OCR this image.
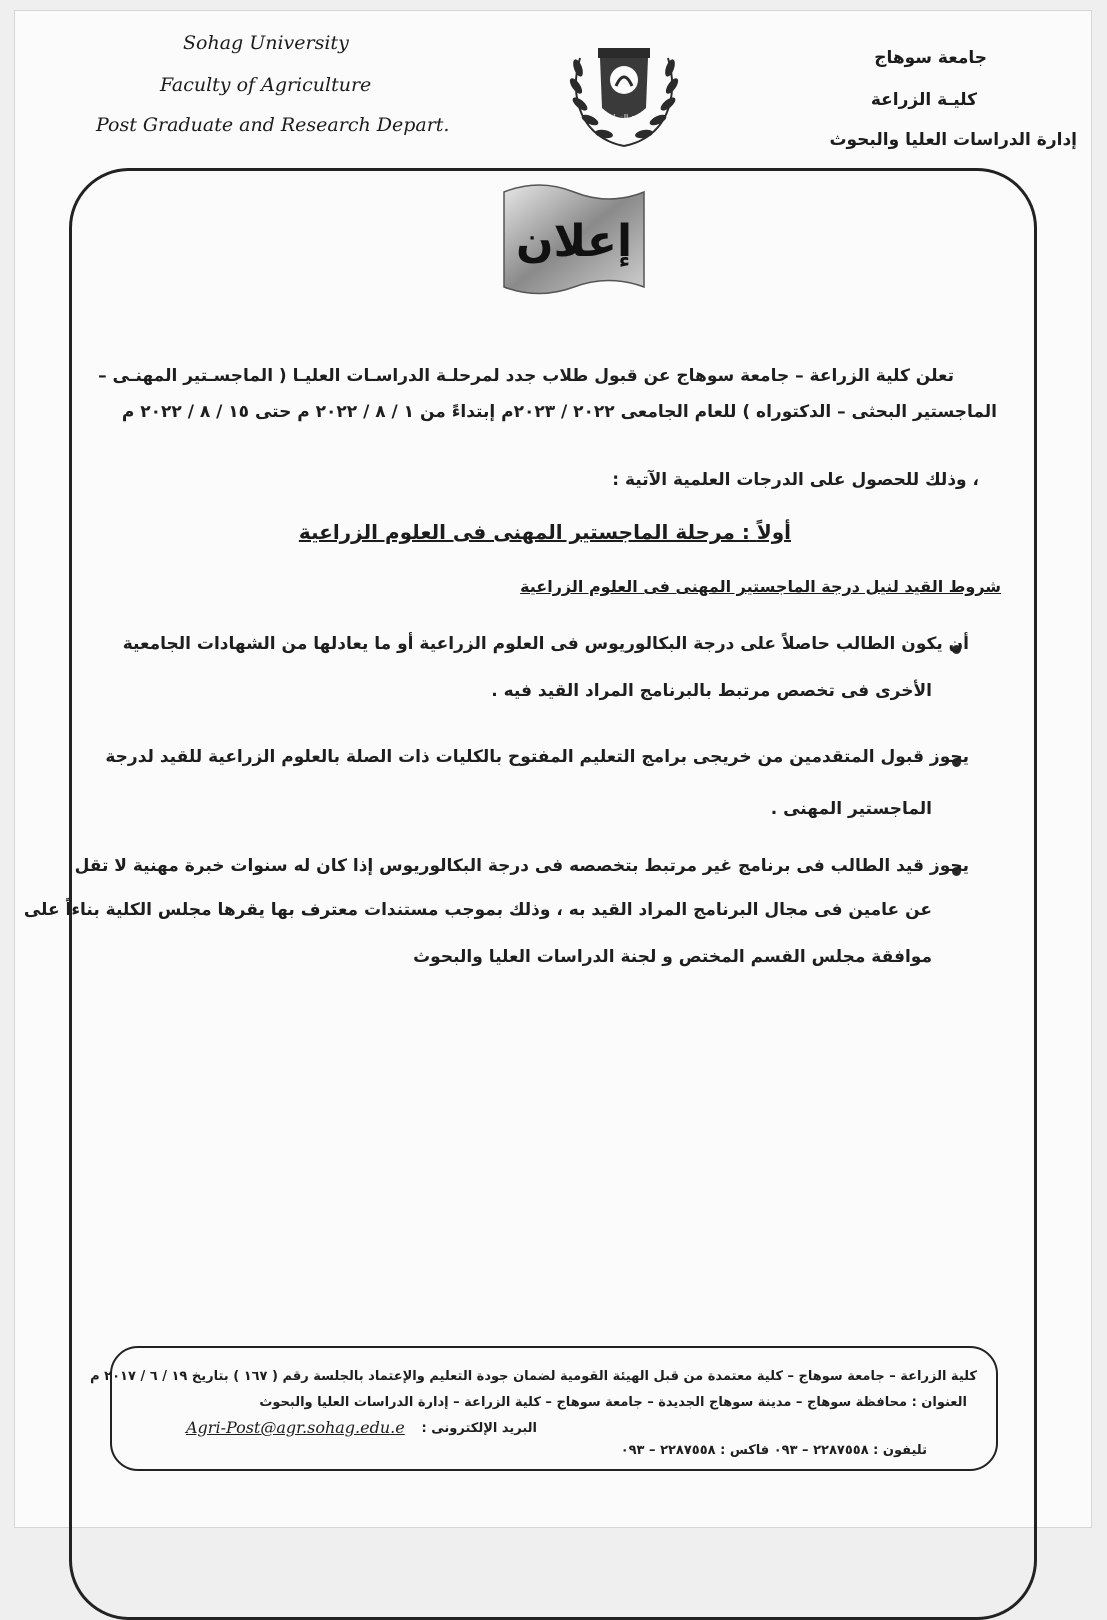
Sohag University
Faculty of Agriculture
Post Graduate and Research Depart.	كلية الزراعة
جامعة سوهاج
كليـة الزراعة
إدارة الدراسات العليا والبحوث
إعلان
تعلن كلية الزراعة – جامعة سوهاج عن قبول طلاب جدد لمرحلـة الدراسـات العليـا ( الماجسـتير المهنـى –
الماجستير البحثى – الدكتوراه ) للعام الجامعى ٢٠٢٢ / ٢٠٢٣م إبتداءً من ١ / ٨ / ٢٠٢٢ م حتى ١٥ / ٨ / ٢٠٢٢ م
، وذلك للحصول على الدرجات العلمية الآتية :
أولاً : مرحلة الماجستير المهنى فى العلوم الزراعية
شروط القيد لنيل درجة الماجستير المهنى فى العلوم الزراعية
أن يكون الطالب حاصلاً على درجة البكالوريوس فى العلوم الزراعية أو ما يعادلها من الشهادات الجامعية
الأخرى فى تخصص مرتبط بالبرنامج المراد القيد فيه .
يجوز قبول المتقدمين من خريجى برامج التعليم المفتوح بالكليات ذات الصلة بالعلوم الزراعية للقيد لدرجة
الماجستير المهنى .
يجوز قيد الطالب فى برنامج غير مرتبط بتخصصه فى درجة البكالوريوس إذا كان له سنوات خبرة مهنية لا تقل
عن عامين فى مجال البرنامج المراد القيد به ، وذلك بموجب مستندات معترف بها يقرها مجلس الكلية بناءاً على
موافقة مجلس القسم المختص و لجنة الدراسات العليا والبحوث
كلية الزراعة – جامعة سوهاج – كلية معتمدة من قبل الهيئة القومية لضمان جودة التعليم والإعتماد بالجلسة رقم ( ١٦٧ ) بتاريخ ١٩ / ٦ / ٢٠١٧ م
العنوان : محافظة سوهاج – مدينة سوهاج الجديدة – جامعة سوهاج – كلية الزراعة – إدارة الدراسات العليا والبحوث
Agri-Post@agr.sohag.edu.e البريد الإلكترونى :
تليفون : ٢٢٨٧٥٥٨ – ٠٩٣ فاكس : ٢٢٨٧٥٥٨ – ٠٩٣
